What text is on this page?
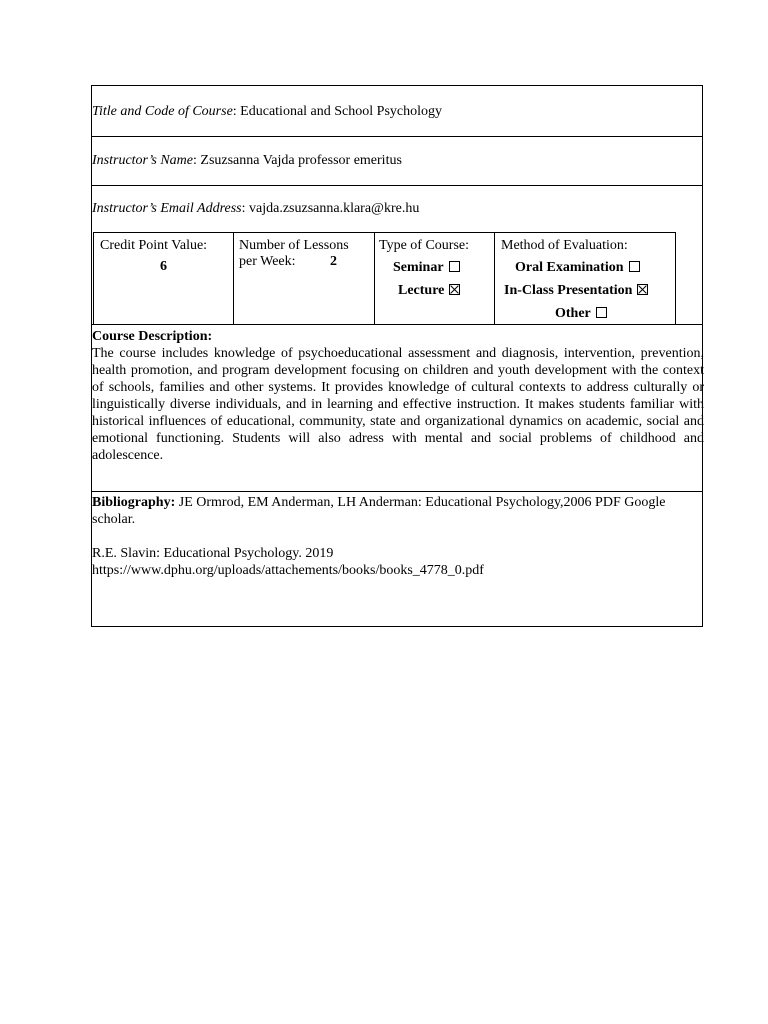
Title and Code of Course: Educational and School Psychology
Instructor’s Name: Zsuzsanna Vajda professor emeritus
Instructor’s Email Address: vajda.zsuzsanna.klara@kre.hu
Credit Point Value:
6
Number of Lessons
per Week: 2
Type of Course:
Seminar
Lecture
Method of Evaluation:
Oral Examination
In-Class Presentation
Other
Course Description:
The course includes knowledge of psychoeducational assessment and diagnosis, intervention, prevention, health promotion, and program development focusing on children and youth development with the context of schools, families and other systems. It provides knowledge of cultural contexts to address culturally or linguistically diverse individuals, and in learning and effective instruction. It makes students familiar with historical influences of educational, community, state and organizational dynamics on academic, social and emotional functioning. Students will also adress with mental and social problems of childhood and adolescence.
Bibliography: JE Ormrod, EM Anderman, LH Anderman: Educational Psychology,2006 PDF Google scholar.
R.E. Slavin: Educational Psychology. 2019
https://www.dphu.org/uploads/attachements/books/books_4778_0.pdf
